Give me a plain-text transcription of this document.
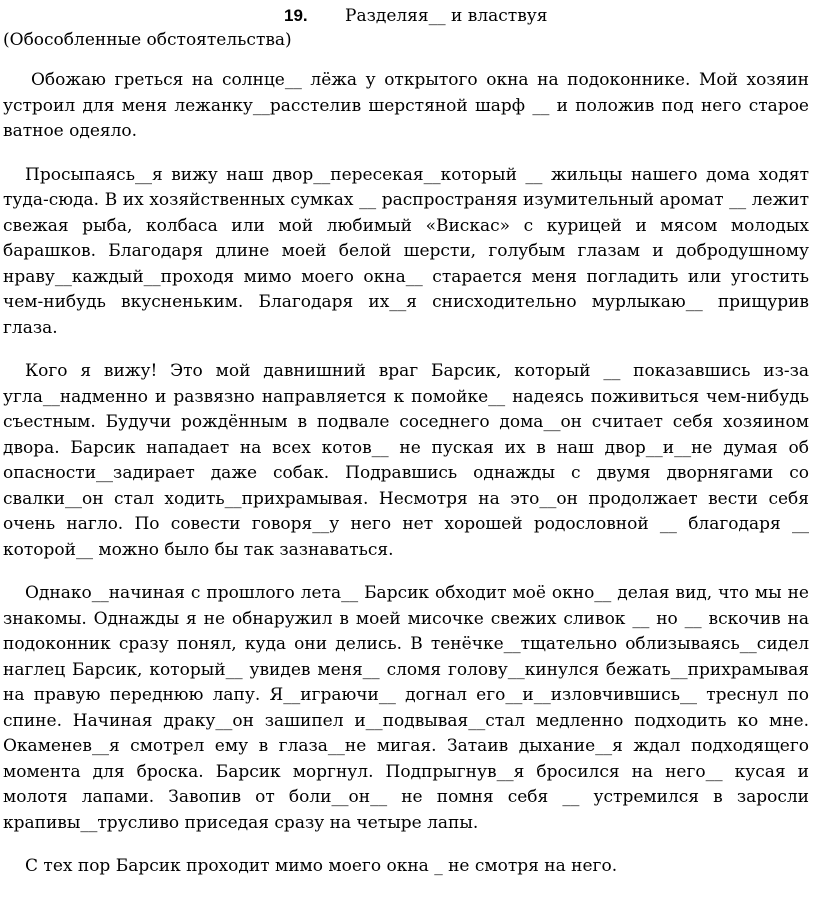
19. Разделяя__ и властвуя
(Обособленные обстоятельства)

Обожаю греться на солнце__ лёжа у открытого окна на подоконнике. Мой хозяин устроил для меня лежанку__расстелив шерстяной шарф __ и положив под него старое ватное одеяло.

Просыпаясь__я вижу наш двор__пересекая__который __ жильцы нашего дома ходят туда-сюда. В их хозяйственных сумках __ распространяя изумительный аромат __ лежит свежая рыба, колбаса или мой любимый «Вискас» с курицей и мясом молодых барашков. Благодаря длине моей белой шерсти, голубым глазам и добродушному нраву__каждый__проходя мимо моего окна__ старается меня погладить или угостить чем-нибудь вкусненьким. Благодаря их__я снисходительно мурлыкаю__ прищурив глаза.

Кого я вижу! Это мой давнишний враг Барсик, который __ показавшись из-за угла__надменно и развязно направляется к помойке__ надеясь поживиться чем-нибудь съестным. Будучи рождённым в подвале соседнего дома__он считает себя хозяином двора. Барсик нападает на всех котов__ не пуская их в наш двор__и__не думая об опасности__задирает даже собак. Подравшись однажды с двумя дворнягами со свалки__он стал ходить__прихрамывая. Несмотря на это__он продолжает вести себя очень нагло. По совести говоря__у него нет хорошей родословной __ благодаря __ которой__ можно было бы так зазнаваться.

Однако__начиная с прошлого лета__ Барсик обходит моё окно__ делая вид, что мы не знакомы. Однажды я не обнаружил в моей мисочке свежих сливок __ но __ вскочив на подоконник сразу понял, куда они делись. В тенёчке__тщательно облизываясь__сидел наглец Барсик, который__ увидев меня__ сломя голову__кинулся бежать__прихрамывая на правую переднюю лапу. Я__играючи__ догнал его__и__изловчившись__ треснул по спине. Начиная драку__он зашипел и__подвывая__стал медленно подходить ко мне. Окаменев__я смотрел ему в глаза__не мигая. Затаив дыхание__я ждал подходящего момента для броска. Барсик моргнул. Подпрыгнув__я бросился на него__ кусая и молотя лапами. Завопив от боли__он__ не помня себя __ устремился в заросли крапивы__трусливо приседая сразу на четыре лапы.

С тех пор Барсик проходит мимо моего окна _ не смотря на него.
